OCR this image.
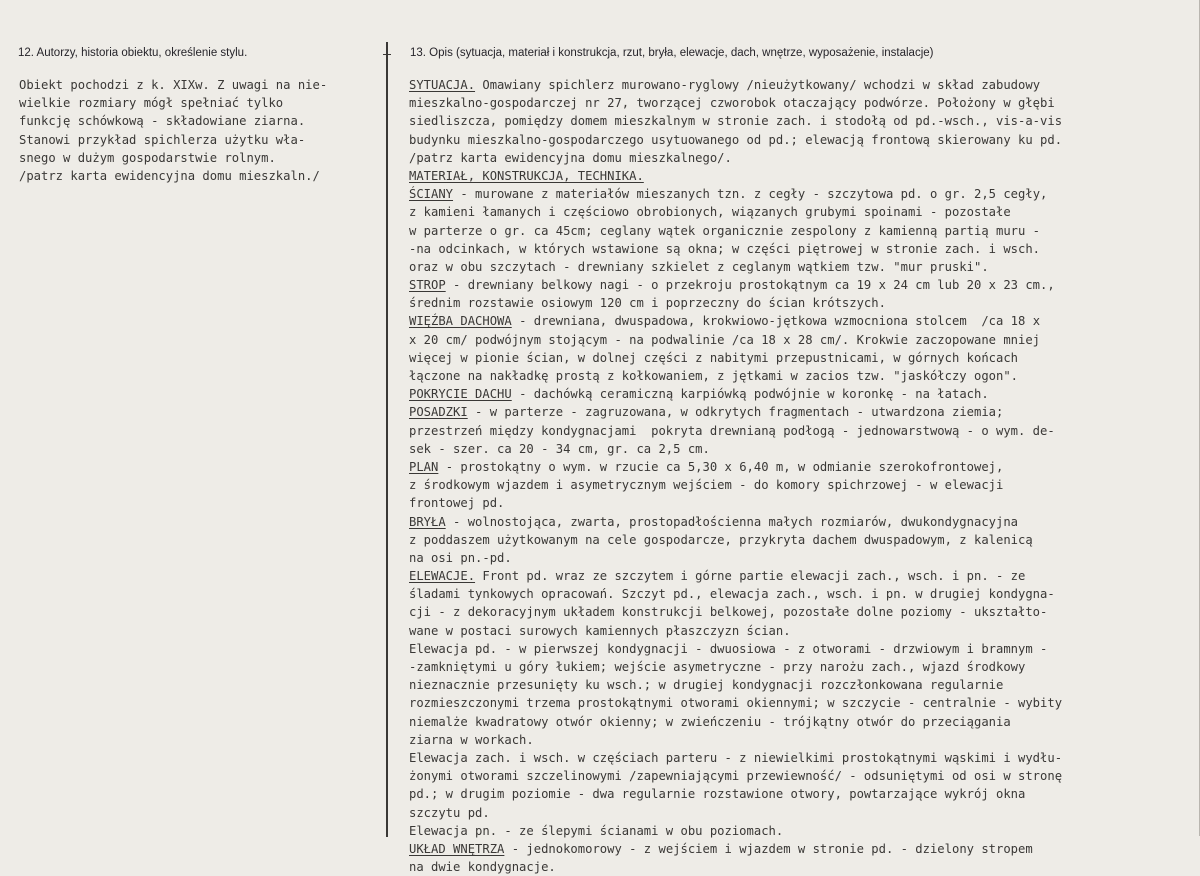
12. Autorzy, historia obiektu, określenie stylu.	13. Opis (sytuacja, materiał i konstrukcja, rzut, bryła, elewacje, dach, wnętrze, wyposażenie, instalacje)
Obiekt pochodzi z k. XIXw. Z uwagi na nie-
wielkie rozmiary mógł spełniać tylko
funkcję schówkową - składowiane ziarna.
Stanowi przykład spichlerza użytku wła-
snego w dużym gospodarstwie rolnym.
/patrz karta ewidencyjna domu mieszkaln./
SYTUACJA. Omawiany spichlerz murowano-ryglowy /nieużytkowany/ wchodzi w skład zabudowy
mieszkalno-gospodarczej nr 27, tworzącej czworobok otaczający podwórze. Położony w głębi
siedliszcza, pomiędzy domem mieszkalnym w stronie zach. i stodołą od pd.-wsch., vis-a-vis
budynku mieszkalno-gospodarczego usytuowanego od pd.; elewacją frontową skierowany ku pd.
/patrz karta ewidencyjna domu mieszkalnego/.
MATERIAŁ, KONSTRUKCJA, TECHNIKA.
ŚCIANY - murowane z materiałów mieszanych tzn. z cegły - szczytowa pd. o gr. 2,5 cegły,
z kamieni łamanych i częściowo obrobionych, wiązanych grubymi spoinami - pozostałe
w parterze o gr. ca 45cm; ceglany wątek organicznie zespolony z kamienną partią muru -
-na odcinkach, w których wstawione są okna; w części piętrowej w stronie zach. i wsch.
oraz w obu szczytach - drewniany szkielet z ceglanym wątkiem tzw. "mur pruski".
STROP - drewniany belkowy nagi - o przekroju prostokątnym ca 19 x 24 cm lub 20 x 23 cm.,
średnim rozstawie osiowym 120 cm i poprzeczny do ścian krótszych.
WIĘŹBA DACHOWA - drewniana, dwuspadowa, krokwiowo-jętkowa wzmocniona stolcem  /ca 18 x
x 20 cm/ podwójnym stojącym - na podwalinie /ca 18 x 28 cm/. Krokwie zaczopowane mniej
więcej w pionie ścian, w dolnej części z nabitymi przepustnicami, w górnych końcach
łączone na nakładkę prostą z kołkowaniem, z jętkami w zacios tzw. "jaskółczy ogon".
POKRYCIE DACHU - dachówką ceramiczną karpiówką podwójnie w koronkę - na łatach.
POSADZKI - w parterze - zagruzowana, w odkrytych fragmentach - utwardzona ziemia;
przestrzeń między kondygnacjami  pokryta drewnianą podłogą - jednowarstwową - o wym. de-
sek - szer. ca 20 - 34 cm, gr. ca 2,5 cm.
PLAN - prostokątny o wym. w rzucie ca 5,30 x 6,40 m, w odmianie szerokofrontowej,
z środkowym wjazdem i asymetrycznym wejściem - do komory spichrzowej - w elewacji
frontowej pd.
BRYŁA - wolnostojąca, zwarta, prostopadłościenna małych rozmiarów, dwukondygnacyjna
z poddaszem użytkowanym na cele gospodarcze, przykryta dachem dwuspadowym, z kalenicą
na osi pn.-pd.
ELEWACJE. Front pd. wraz ze szczytem i górne partie elewacji zach., wsch. i pn. - ze
śladami tynkowych opracowań. Szczyt pd., elewacja zach., wsch. i pn. w drugiej kondygna-
cji - z dekoracyjnym układem konstrukcji belkowej, pozostałe dolne poziomy - ukształto-
wane w postaci surowych kamiennych płaszczyzn ścian.
Elewacja pd. - w pierwszej kondygnacji - dwuosiowa - z otworami - drzwiowym i bramnym -
-zamkniętymi u góry łukiem; wejście asymetryczne - przy narożu zach., wjazd środkowy
nieznacznie przesunięty ku wsch.; w drugiej kondygnacji rozczłonkowana regularnie
rozmieszczonymi trzema prostokątnymi otworami okiennymi; w szczycie - centralnie - wybity
niemalże kwadratowy otwór okienny; w zwieńczeniu - trójkątny otwór do przeciągania
ziarna w workach.
Elewacja zach. i wsch. w częściach parteru - z niewielkimi prostokątnymi wąskimi i wydłu-
żonymi otworami szczelinowymi /zapewniającymi przewiewność/ - odsuniętymi od osi w stronę
pd.; w drugim poziomie - dwa regularnie rozstawione otwory, powtarzające wykrój okna
szczytu pd.
Elewacja pn. - ze ślepymi ścianami w obu poziomach.
UKŁAD WNĘTRZA - jednokomorowy - z wejściem i wjazdem w stronie pd. - dzielony stropem
na dwie kondygnacje.
